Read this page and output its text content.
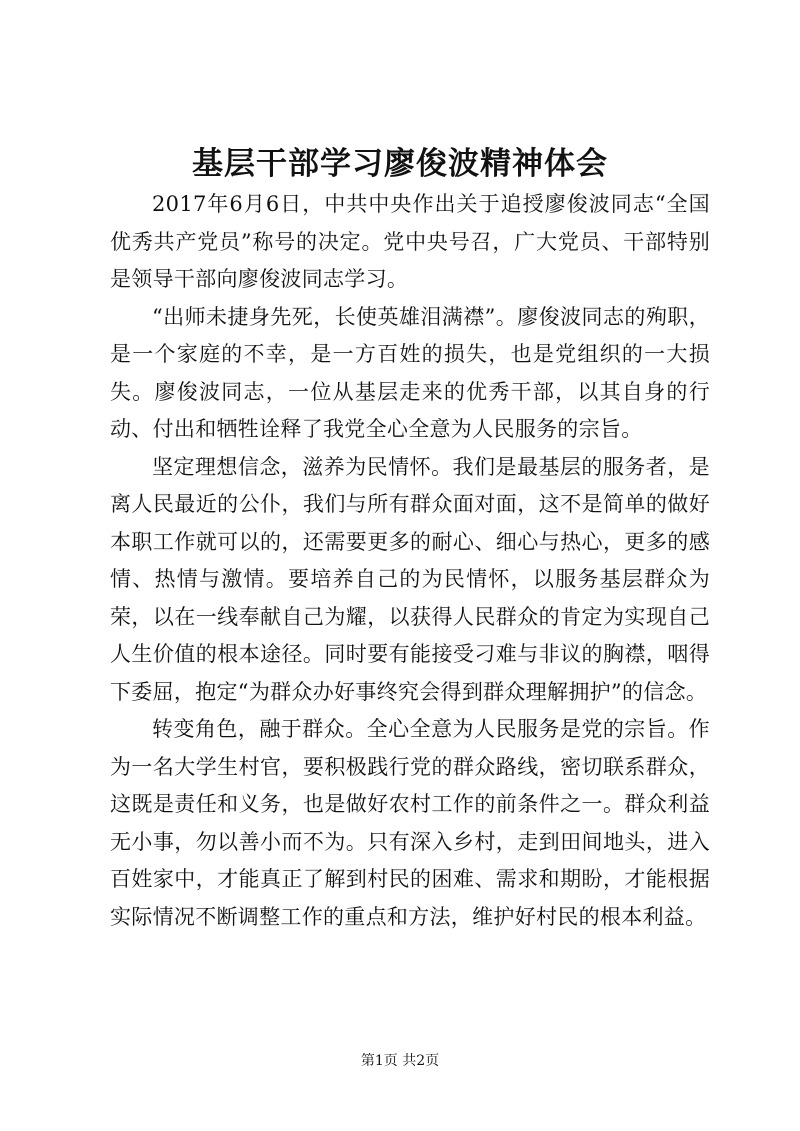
基层干部学习廖俊波精神体会

2017年6月6日，中共中央作出关于追授廖俊波同志“全国优秀共产党员”称号的决定。党中央号召，广大党员、干部特别是领导干部向廖俊波同志学习。

“出师未捷身先死，长使英雄泪满襟”。廖俊波同志的殉职，是一个家庭的不幸，是一方百姓的损失，也是党组织的一大损失。廖俊波同志，一位从基层走来的优秀干部，以其自身的行动、付出和牺牲诠释了我党全心全意为人民服务的宗旨。

坚定理想信念，滋养为民情怀。我们是最基层的服务者，是离人民最近的公仆，我们与所有群众面对面，这不是简单的做好本职工作就可以的，还需要更多的耐心、细心与热心，更多的感情、热情与激情。要培养自己的为民情怀，以服务基层群众为荣，以在一线奉献自己为耀，以获得人民群众的肯定为实现自己人生价值的根本途径。同时要有能接受刁难与非议的胸襟，咽得下委屈，抱定“为群众办好事终究会得到群众理解拥护”的信念。

转变角色，融于群众。全心全意为人民服务是党的宗旨。作为一名大学生村官，要积极践行党的群众路线，密切联系群众，这既是责任和义务，也是做好农村工作的前条件之一。群众利益无小事，勿以善小而不为。只有深入乡村，走到田间地头，进入百姓家中，才能真正了解到村民的困难、需求和期盼，才能根据实际情况不断调整工作的重点和方法，维护好村民的根本利益。

第1页 共2页
